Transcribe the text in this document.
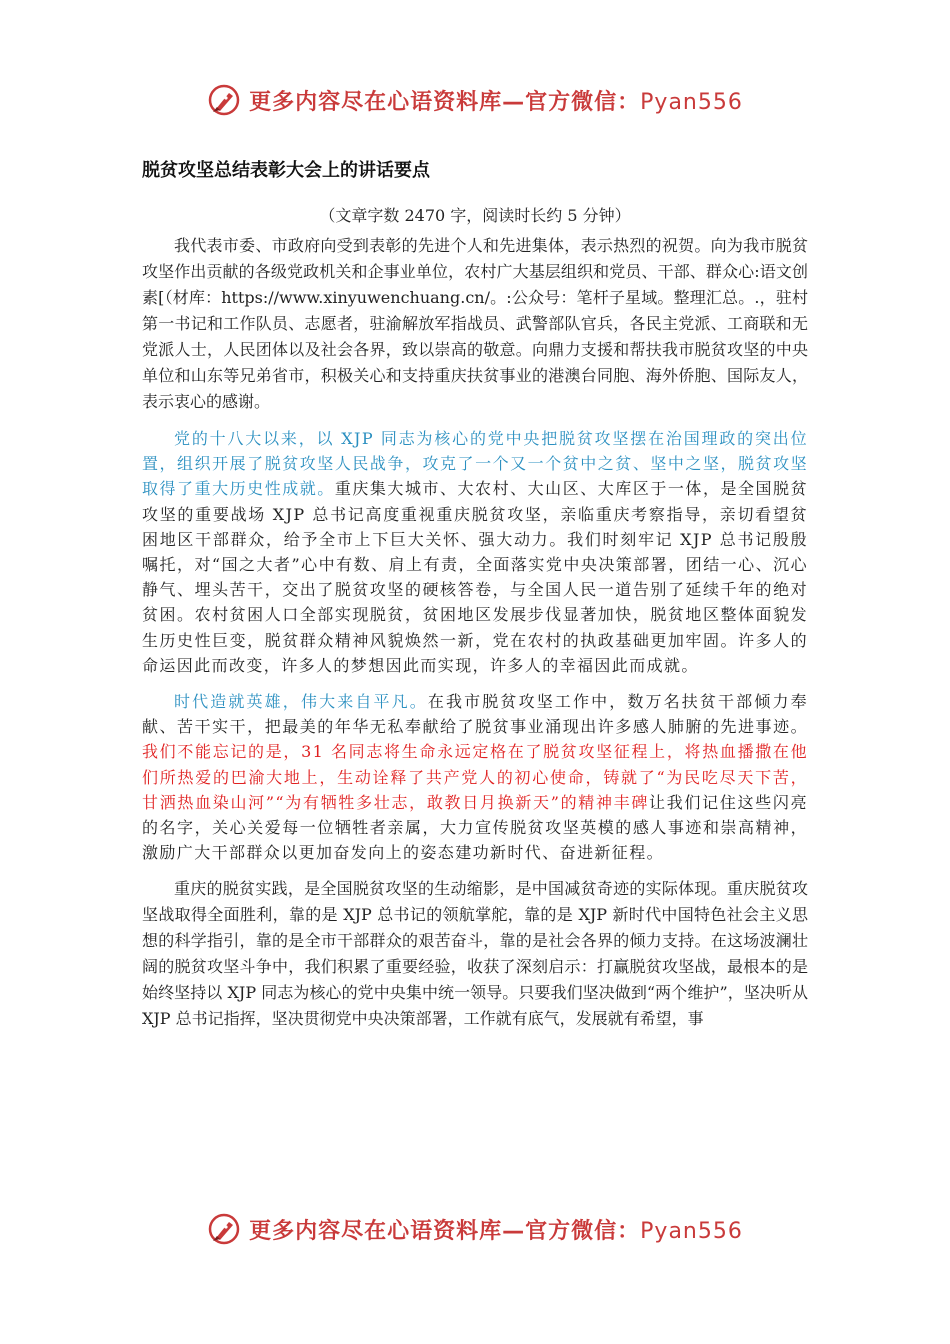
更多内容尽在心语资料库—官方微信：Pyan556
脱贫攻坚总结表彰大会上的讲话要点

（文章字数 2470 字，阅读时长约 5 分钟）

我代表市委、市政府向受到表彰的先进个人和先进集体，表示热烈的祝贺。向为我市脱贫攻坚作出贡献的各级党政机关和企事业单位，农村广大基层组织和党员、干部、群众心:语文创素[（材库：https://www.xinyuwenchuang.cn/。:公众号：笔杆子星域。整理汇总。.，驻村第一书记和工作队员、志愿者，驻渝解放军指战员、武警部队官兵，各民主党派、工商联和无党派人士，人民团体以及社会各界，致以崇高的敬意。向鼎力支援和帮扶我市脱贫攻坚的中央单位和山东等兄弟省市，积极关心和支持重庆扶贫事业的港澳台同胞、海外侨胞、国际友人，表示衷心的感谢。

党的十八大以来，以 XJP 同志为核心的党中央把脱贫攻坚摆在治国理政的突出位置，组织开展了脱贫攻坚人民战争，攻克了一个又一个贫中之贫、坚中之坚，脱贫攻坚取得了重大历史性成就。重庆集大城市、大农村、大山区、大库区于一体，是全国脱贫攻坚的重要战场 XJP 总书记高度重视重庆脱贫攻坚，亲临重庆考察指导，亲切看望贫困地区干部群众，给予全市上下巨大关怀、强大动力。我们时刻牢记 XJP 总书记殷殷嘱托，对“国之大者”心中有数、肩上有责，全面落实党中央决策部署，团结一心、沉心静气、埋头苦干，交出了脱贫攻坚的硬核答卷，与全国人民一道告别了延续千年的绝对贫困。农村贫困人口全部实现脱贫，贫困地区发展步伐显著加快，脱贫地区整体面貌发生历史性巨变，脱贫群众精神风貌焕然一新，党在农村的执政基础更加牢固。许多人的命运因此而改变，许多人的梦想因此而实现，许多人的幸福因此而成就。

时代造就英雄，伟大来自平凡。在我市脱贫攻坚工作中，数万名扶贫干部倾力奉献、苦干实干，把最美的年华无私奉献给了脱贫事业涌现出许多感人肺腑的先进事迹。我们不能忘记的是，31 名同志将生命永远定格在了脱贫攻坚征程上，将热血播撒在他们所热爱的巴渝大地上，生动诠释了共产党人的初心使命，铸就了“为民吃尽天下苦，甘洒热血染山河”“为有牺牲多壮志，敢教日月换新天”的精神丰碑让我们记住这些闪亮的名字，关心关爱每一位牺牲者亲属，大力宣传脱贫攻坚英模的感人事迹和崇高精神，激励广大干部群众以更加奋发向上的姿态建功新时代、奋进新征程。

重庆的脱贫实践，是全国脱贫攻坚的生动缩影，是中国减贫奇迹的实际体现。重庆脱贫攻坚战取得全面胜利，靠的是 XJP 总书记的领航掌舵，靠的是 XJP 新时代中国特色社会主义思想的科学指引，靠的是全市干部群众的艰苦奋斗，靠的是社会各界的倾力支持。在这场波澜壮阔的脱贫攻坚斗争中，我们积累了重要经验，收获了深刻启示：打赢脱贫攻坚战，最根本的是始终坚持以 XJP 同志为核心的党中央集中统一领导。只要我们坚决做到“两个维护”，坚决听从 XJP 总书记指挥，坚决贯彻党中央决策部署，工作就有底气，发展就有希望，事

更多内容尽在心语资料库—官方微信：Pyan556
